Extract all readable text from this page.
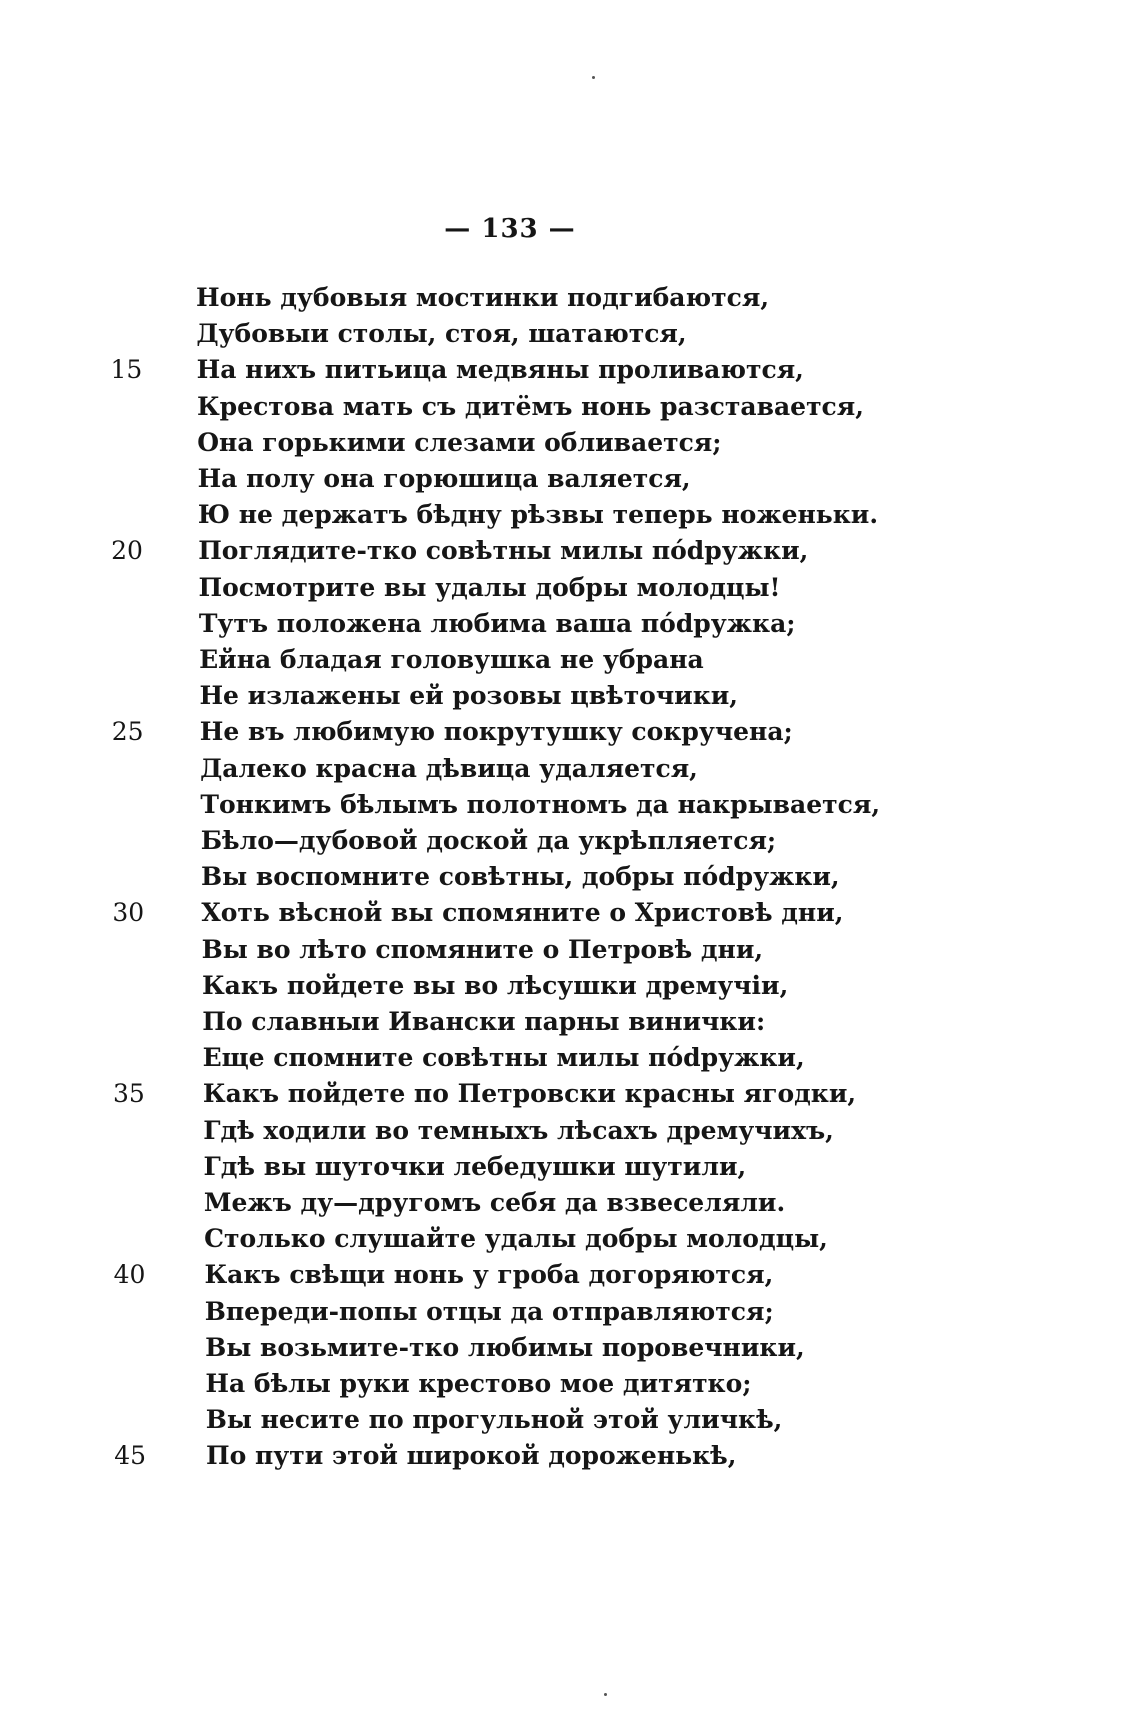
— 133 —
Нонь дубовыя мостинки подгибаются,
Дубовыи столы, стоя, шатаются,
15 На нихъ питьица медвяны проливаются,
Крестова мать съ дитёмъ нонь разставается,
Она горькими слезами обливается;
На полу она горюшица валяется,
Ю не держатъ бѣдну рѣзвы теперь ноженьки.
20 Поглядите-тко совѣтны милы пódружки,
Посмотрите вы удалы добры молодцы!
Тутъ положена любима ваша пódружка;
Ейна бладая головушка не убрана
Не излажены ей розовы цвѣточики,
25 Не въ любимую покрутушку сокручена;
Далеко красна дѣвица удаляется,
Тонкимъ бѣлымъ полотномъ да накрывается,
Бѣло—дубовой доской да укрѣпляется;
Вы воспомните совѣтны, добры пódружки,
30 Хоть вѣсной вы спомяните о Христовѣ дни,
Вы во лѣто спомяните о Петровѣ дни,
Какъ пойдете вы во лѣсушки дремучіи,
По славныи Ивански парны винички:
Еще спомните совѣтны милы пódружки,
35 Какъ пойдете по Петровски красны ягодки,
Гдѣ ходили во темныхъ лѣсахъ дремучихъ,
Гдѣ вы шуточки лебедушки шутили,
Межъ ду—другомъ себя да взвеселяли.
Столько слушайте удалы добры молодцы,
40 Какъ свѣщи нонь у гроба догоряются,
Впереди-попы отцы да отправляются;
Вы возьмите-тко любимы поровечники,
На бѣлы руки крестово мое дитятко;
Вы несите по прогульной этой уличкѣ,
45 По пути этой широкой дороженькѣ,
